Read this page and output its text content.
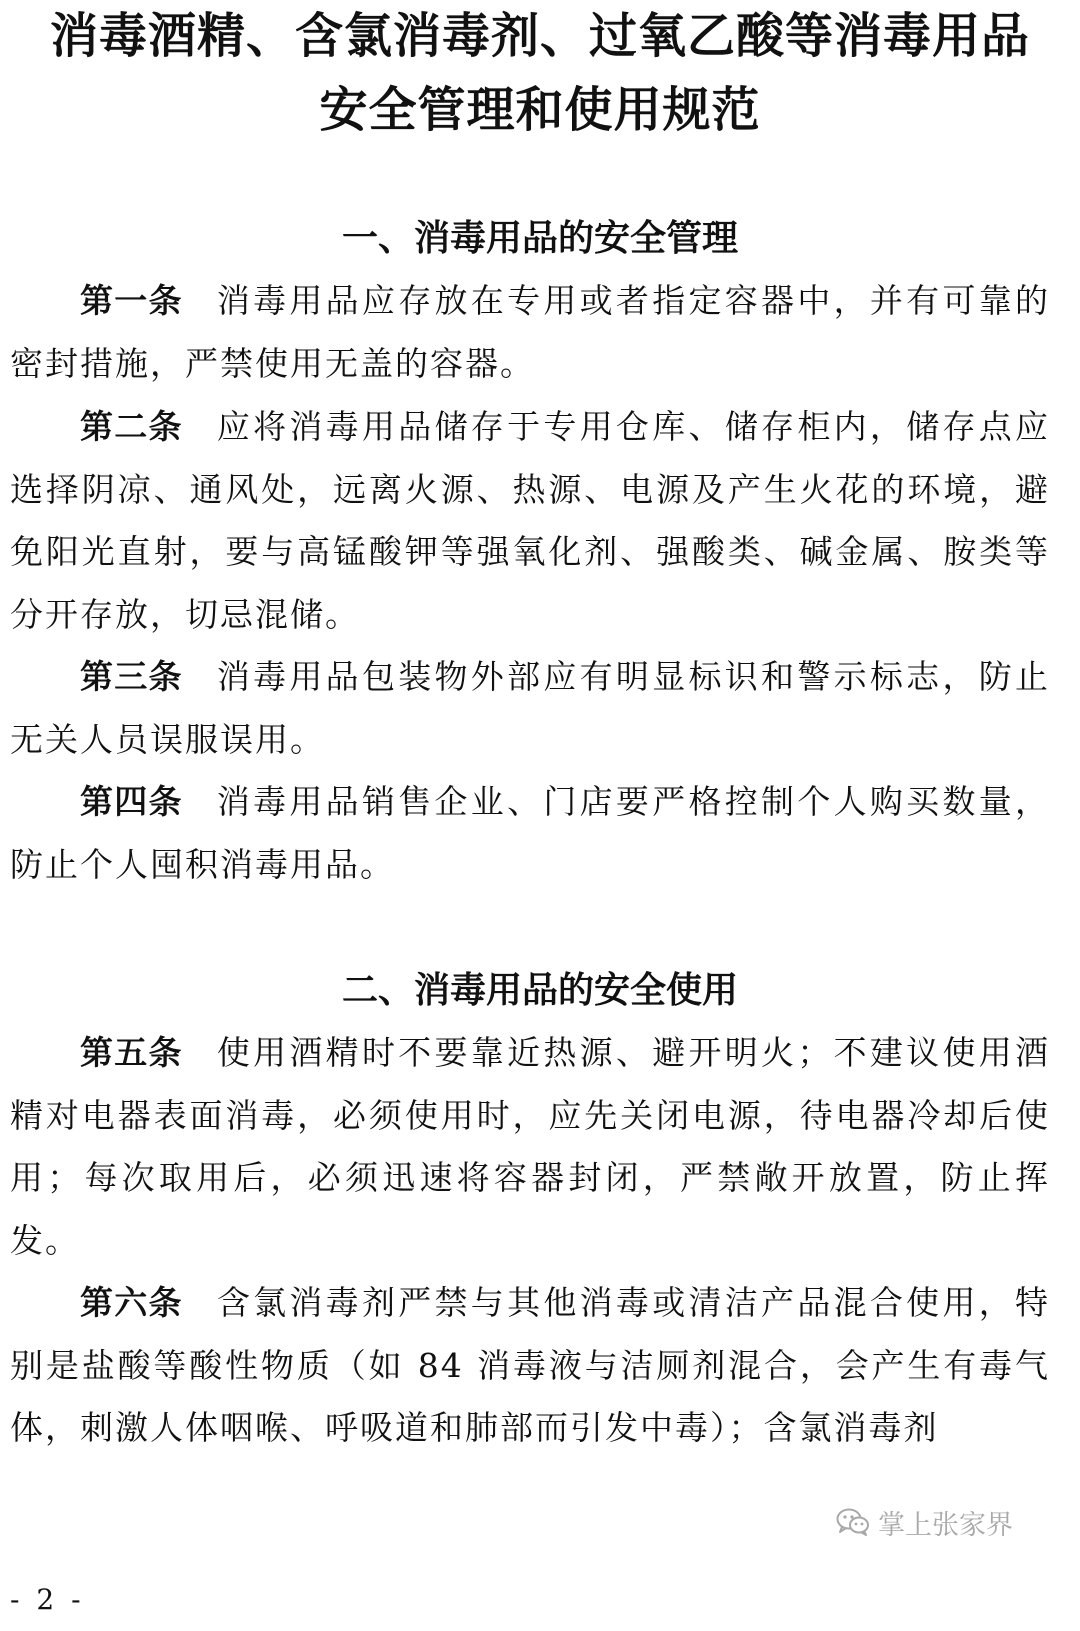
消毒酒精、含氯消毒剂、过氧乙酸等消毒用品
安全管理和使用规范
一、消毒用品的安全管理

第一条 消毒用品应存放在专用或者指定容器中，并有可靠的密封措施，严禁使用无盖的容器。

第二条 应将消毒用品储存于专用仓库、储存柜内，储存点应选择阴凉、通风处，远离火源、热源、电源及产生火花的环境，避免阳光直射，要与高锰酸钾等强氧化剂、强酸类、碱金属、胺类等分开存放，切忌混储。

第三条 消毒用品包装物外部应有明显标识和警示标志，防止无关人员误服误用。

第四条 消毒用品销售企业、门店要严格控制个人购买数量，防止个人囤积消毒用品。

二、消毒用品的安全使用

第五条 使用酒精时不要靠近热源、避开明火；不建议使用酒精对电器表面消毒，必须使用时，应先关闭电源，待电器冷却后使用；每次取用后，必须迅速将容器封闭，严禁敞开放置，防止挥发。

第六条 含氯消毒剂严禁与其他消毒或清洁产品混合使用，特别是盐酸等酸性物质（如 84 消毒液与洁厕剂混合，会产生有毒气体，刺激人体咽喉、呼吸道和肺部而引发中毒）；含氯消毒剂

掌上张家界
- 2 -
